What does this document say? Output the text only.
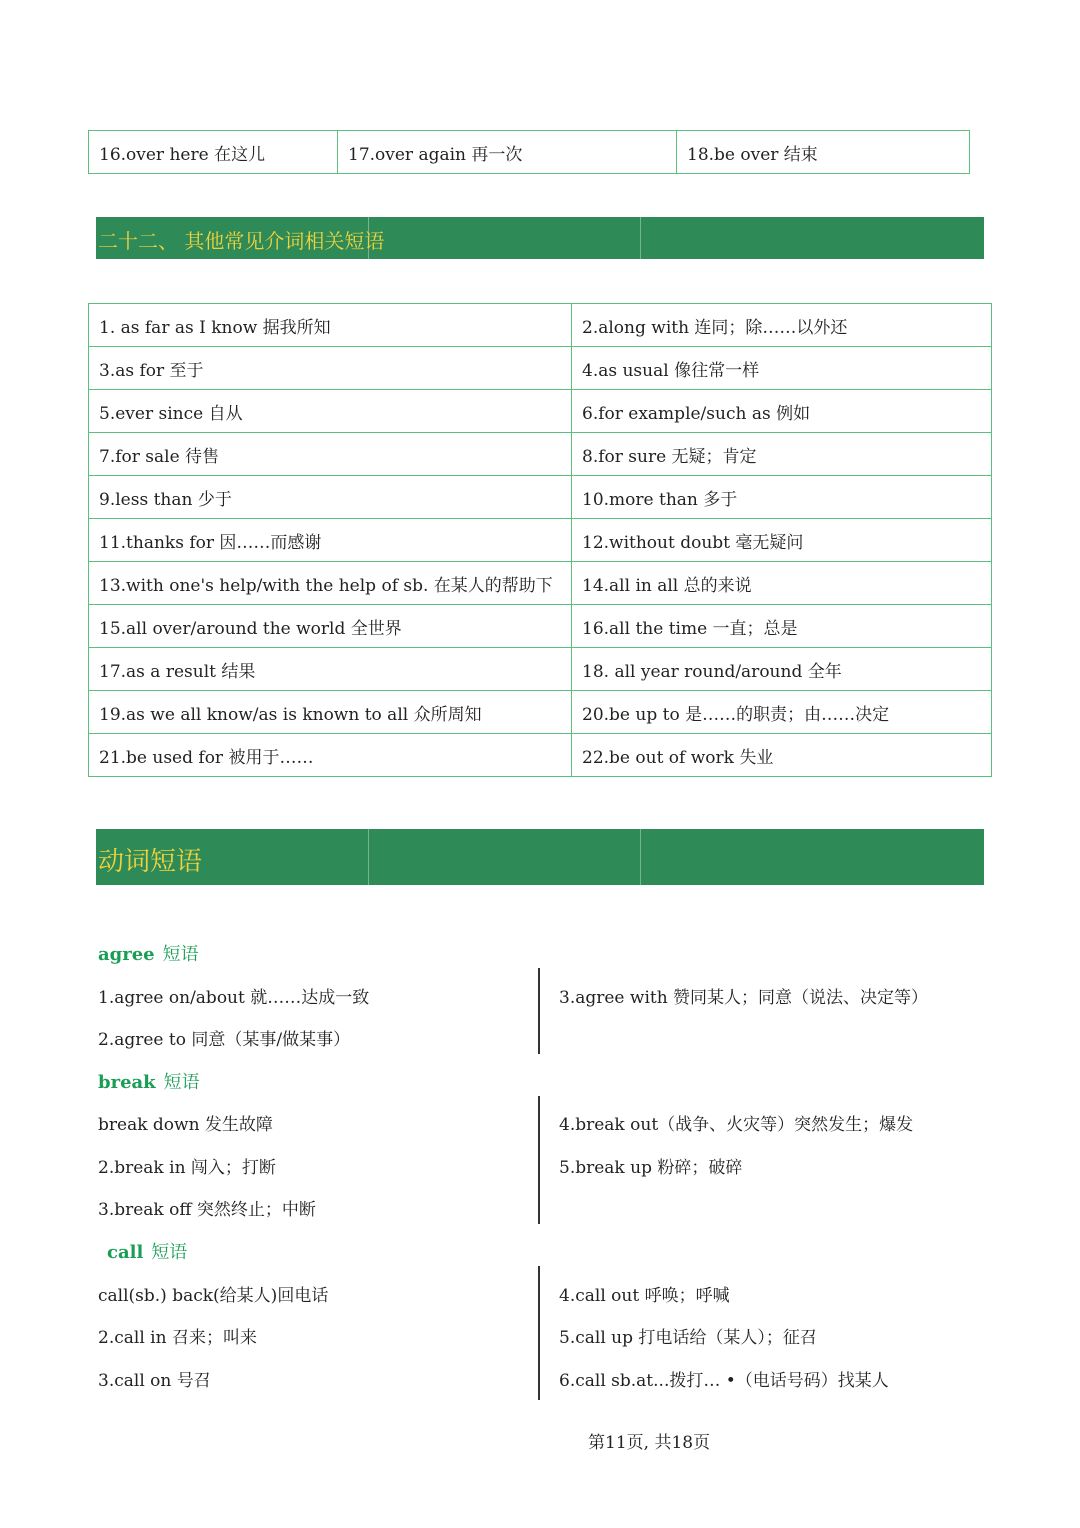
16.over here 在这儿	17.over again 再一次	18.be over 结束
二十二、 其他常见介词相关短语
1. as far as I know 据我所知	2.along with 连同；除……以外还
3.as for 至于	4.as usual 像往常一样
5.ever since 自从	6.for example/such as 例如
7.for sale 待售	8.for sure 无疑；肯定
9.less than 少于	10.more than 多于
11.thanks for 因……而感谢	12.without doubt 毫无疑问
13.with one's help/with the help of sb. 在某人的帮助下	14.all in all 总的来说
15.all over/around the world 全世界	16.all the time 一直；总是
17.as a result 结果	18. all year round/around 全年
19.as we all know/as is known to all 众所周知	20.be up to 是……的职责；由……决定
21.be used for 被用于……	22.be out of work 失业
动词短语
agree 短语
1.agree on/about 就……达成一致
2.agree to 同意（某事/做某事）
3.agree with 赞同某人；同意（说法、决定等）
break 短语
break down 发生故障
2.break in 闯入；打断
3.break off 突然终止；中断
4.break out（战争、火灾等）突然发生；爆发
5.break up 粉碎；破碎
call 短语
call(sb.) back(给某人)回电话
2.call in 召来；叫来
3.call on 号召
4.call out 呼唤；呼喊
5.call up 打电话给（某人）；征召
6.call sb.at...拨打… •（电话号码）找某人
第11页, 共18页
